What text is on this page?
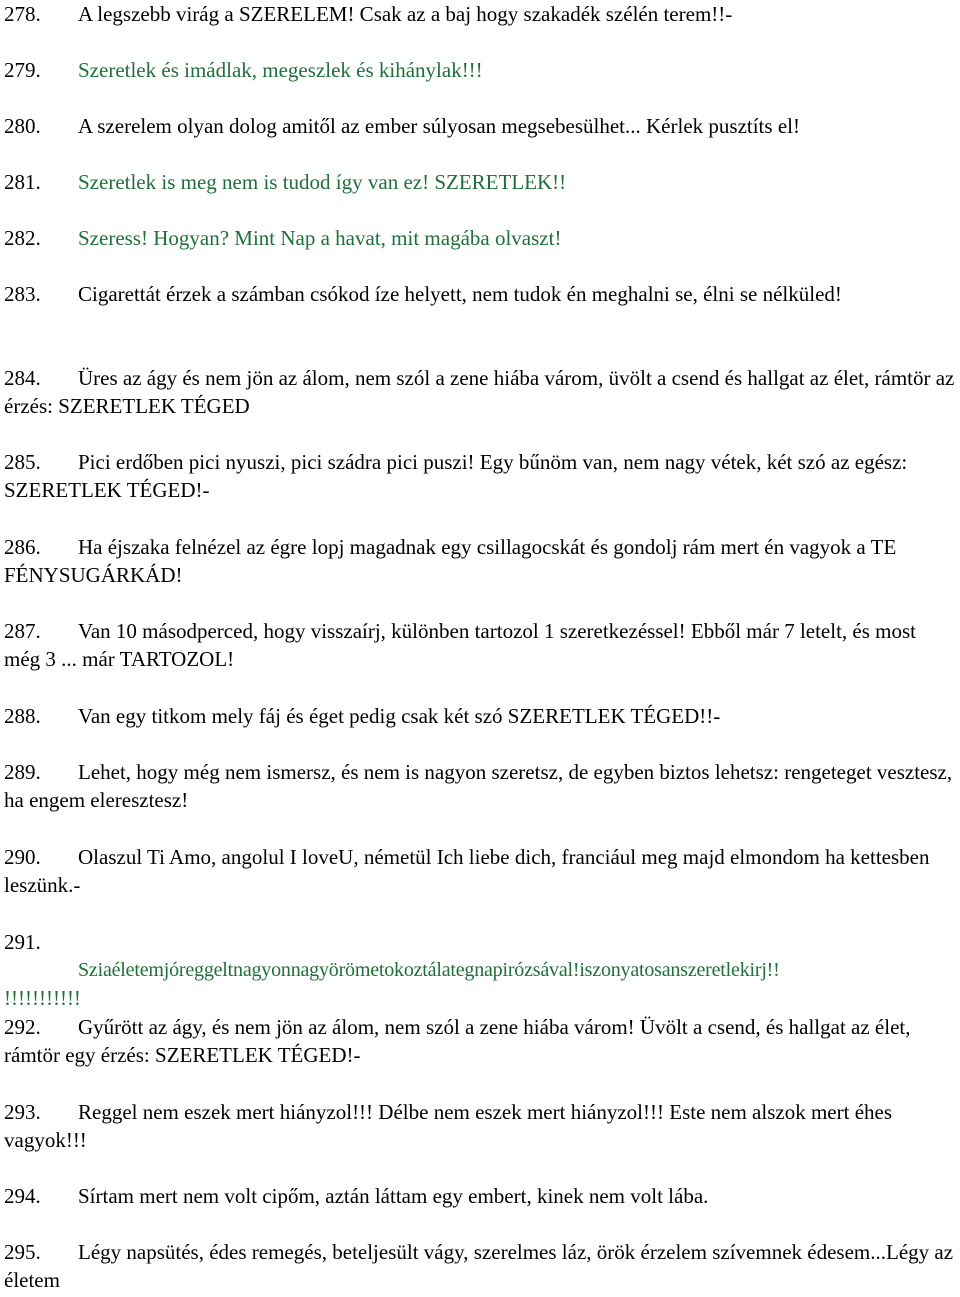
278. A legszebb virág a SZERELEM! Csak az a baj hogy szakadék szélén terem!!-

279. Szeretlek és imádlak, megeszlek és kihánylak!!!

280. A szerelem olyan dolog amitől az ember súlyosan megsebesülhet... Kérlek pusztíts el!

281. Szeretlek is meg nem is tudod így van ez! SZERETLEK!!

282. Szeress! Hogyan? Mint Nap a havat, mit magába olvaszt!

283. Cigarettát érzek a számban csókod íze helyett, nem tudok én meghalni se, élni se nélküled!

284. Üres az ágy és nem jön az álom, nem szól a zene hiába várom, üvölt a csend és hallgat az élet, rámtör az érzés: SZERETLEK TÉGED

285. Pici erdőben pici nyuszi, pici szádra pici puszi! Egy bűnöm van, nem nagy vétek, két szó az egész: SZERETLEK TÉGED!-

286. Ha éjszaka felnézel az égre lopj magadnak egy csillagocskát és gondolj rám mert én vagyok a TE FÉNYSUGÁRKÁD!

287. Van 10 másodperced, hogy visszaírj, különben tartozol 1 szeretkezéssel! Ebből már 7 letelt, és most még 3 ... már TARTOZOL!

288. Van egy titkom mely fáj és éget pedig csak két szó SZERETLEK TÉGED!!-

289. Lehet, hogy még nem ismersz, és nem is nagyon szeretsz, de egyben biztos lehetsz: rengeteget vesztesz, ha engem eleresztesz!

290. Olaszul Ti Amo, angolul I loveU, németül Ich liebe dich, franciául meg majd elmondom ha kettesben leszünk.-

291.
Sziaéletemjóreggeltnagyonnagyörömetokoztálategnapirózsával!iszonyatosanszeretlekirj!!
!!!!!!!!!!!

292. Gyűrött az ágy, és nem jön az álom, nem szól a zene hiába várom! Üvölt a csend, és hallgat az élet, rámtör egy érzés: SZERETLEK TÉGED!-

293. Reggel nem eszek mert hiányzol!!! Délbe nem eszek mert hiányzol!!! Este nem alszok mert éhes vagyok!!!

294. Sírtam mert nem volt cipőm, aztán láttam egy embert, kinek nem volt lába.

295. Légy napsütés, édes remegés, beteljesült vágy, szerelmes láz, örök érzelem szívemnek édesem...Légy az életem
